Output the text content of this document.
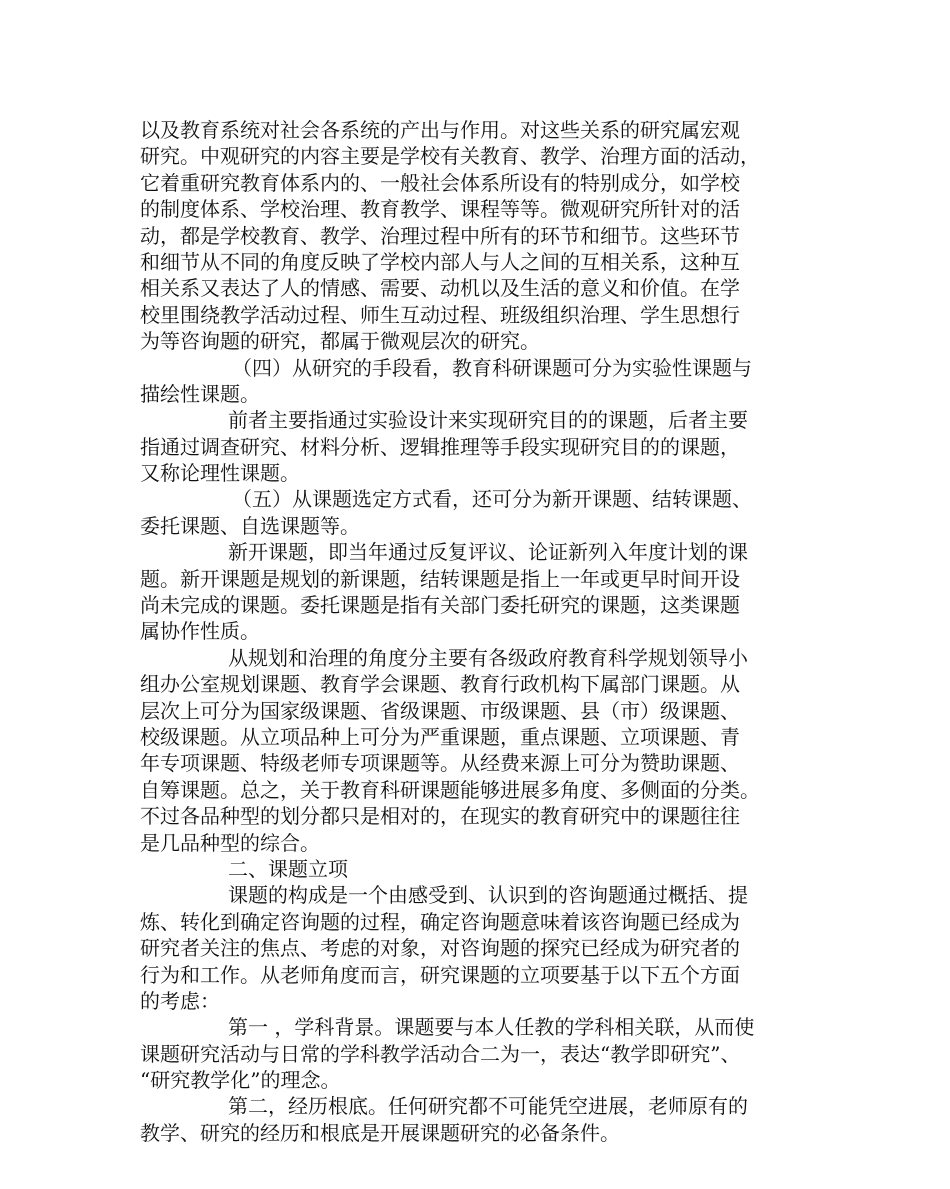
以及教育系统对社会各系统的产出与作用。对这些关系的研究属宏观

研究。中观研究的内容主要是学校有关教育、教学、治理方面的活动，

它着重研究教育体系内的、一般社会体系所设有的特别成分，如学校

的制度体系、学校治理、教育教学、课程等等。微观研究所针对的活

动，都是学校教育、教学、治理过程中所有的环节和细节。这些环节

和细节从不同的角度反映了学校内部人与人之间的互相关系，这种互

相关系又表达了人的情感、需要、动机以及生活的意义和价值。在学

校里围绕教学活动过程、师生互动过程、班级组织治理、学生思想行

为等咨询题的研究，都属于微观层次的研究。

（四）从研究的手段看，教育科研课题可分为实验性课题与

描绘性课题。

前者主要指通过实验设计来实现研究目的的课题，后者主要

指通过调查研究、材料分析、逻辑推理等手段实现研究目的的课题，

又称论理性课题。

（五）从课题选定方式看，还可分为新开课题、结转课题、

委托课题、自选课题等。

新开课题，即当年通过反复评议、论证新列入年度计划的课

题。新开课题是规划的新课题，结转课题是指上一年或更早时间开设

尚未完成的课题。委托课题是指有关部门委托研究的课题，这类课题

属协作性质。

从规划和治理的角度分主要有各级政府教育科学规划领导小

组办公室规划课题、教育学会课题、教育行政机构下属部门课题。从

层次上可分为国家级课题、省级课题、市级课题、县（市）级课题、

校级课题。从立项品种上可分为严重课题，重点课题、立项课题、青

年专项课题、特级老师专项课题等。从经费来源上可分为赞助课题、

自筹课题。总之，关于教育科研课题能够进展多角度、多侧面的分类。

不过各品种型的划分都只是相对的，在现实的教育研究中的课题往往

是几品种型的综合。

二、课题立项

课题的构成是一个由感受到、认识到的咨询题通过概括、提

炼、转化到确定咨询题的过程，确定咨询题意味着该咨询题已经成为

研究者关注的焦点、考虑的对象，对咨询题的探究已经成为研究者的

行为和工作。从老师角度而言，研究课题的立项要基于以下五个方面

的考虑：

第一 ，学科背景。课题要与本人任教的学科相关联，从而使

课题研究活动与日常的学科教学活动合二为一，表达“教学即研究”、

“研究教学化”的理念。

第二，经历根底。任何研究都不可能凭空进展，老师原有的

教学、研究的经历和根底是开展课题研究的必备条件。
